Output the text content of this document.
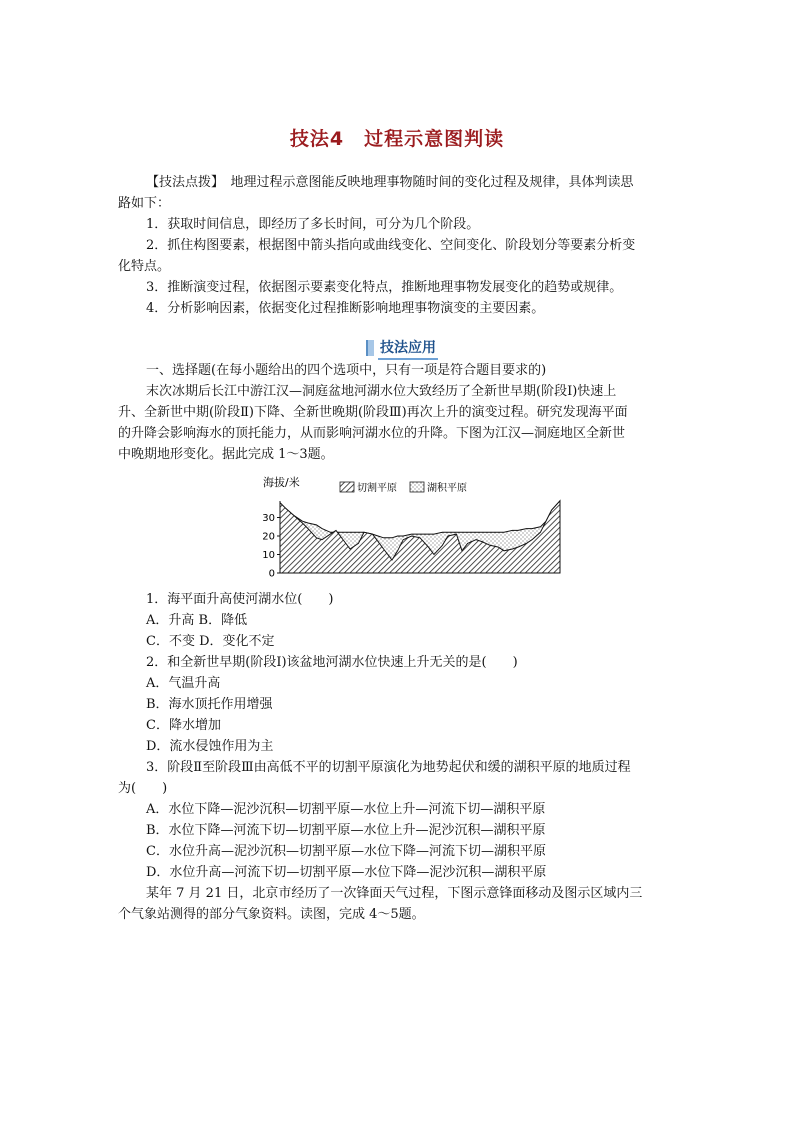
技法4　过程示意图判读
【技法点拨】　地理过程示意图能反映地理事物随时间的变化过程及规律，具体判读思
路如下：
1．获取时间信息，即经历了多长时间，可分为几个阶段。
2．抓住构图要素，根据图中箭头指向或曲线变化、空间变化、阶段划分等要素分析变
化特点。
3．推断演变过程，依据图示要素变化特点，推断地理事物发展变化的趋势或规律。
4．分析影响因素，依据变化过程推断影响地理事物演变的主要因素。
技法应用
一、选择题(在每小题给出的四个选项中，只有一项是符合题目要求的)
末次冰期后长江中游江汉—洞庭盆地河湖水位大致经历了全新世早期(阶段Ⅰ)快速上
升、全新世中期(阶段Ⅱ)下降、全新世晚期(阶段Ⅲ)再次上升的演变过程。研究发现海平面
的升降会影响海水的顶托能力，从而影响河湖水位的升降。下图为江汉—洞庭地区全新世
中晚期地形变化。据此完成 1～3题。
海拔/米	切割平原	湖积平原
0
10
20
30
1．海平面升高使河湖水位(　　)
A．升高 B．降低
C．不变 D．变化不定
2．和全新世早期(阶段Ⅰ)该盆地河湖水位快速上升无关的是(　　)
A．气温升高
B．海水顶托作用增强
C．降水增加
D．流水侵蚀作用为主
3．阶段Ⅱ至阶段Ⅲ由高低不平的切割平原演化为地势起伏和缓的湖积平原的地质过程
为(　　)
A．水位下降—泥沙沉积—切割平原—水位上升—河流下切—湖积平原
B．水位下降—河流下切—切割平原—水位上升—泥沙沉积—湖积平原
C．水位升高—泥沙沉积—切割平原—水位下降—河流下切—湖积平原
D．水位升高—河流下切—切割平原—水位下降—泥沙沉积—湖积平原
某年 7 月 21 日，北京市经历了一次锋面天气过程，下图示意锋面移动及图示区域内三
个气象站测得的部分气象资料。读图，完成 4～5题。
